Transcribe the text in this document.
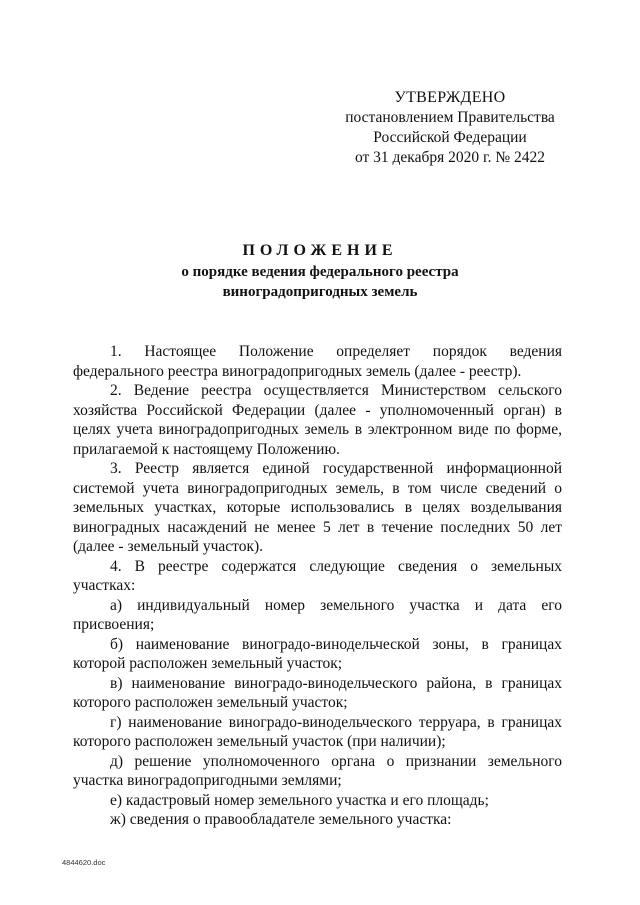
УТВЕРЖДЕНО
постановлением Правительства
Российской Федерации
от 31 декабря 2020 г. № 2422
ПОЛОЖЕНИЕ
о порядке ведения федерального реестра
виноградопригодных земель

1. Настоящее Положение определяет порядок ведения федерального реестра виноградопригодных земель (далее - реестр).

2. Ведение реестра осуществляется Министерством сельского хозяйства Российской Федерации (далее - уполномоченный орган) в целях учета виноградопригодных земель в электронном виде по форме, прилагаемой к настоящему Положению.

3. Реестр является единой государственной информационной системой учета виноградопригодных земель, в том числе сведений о земельных участках, которые использовались в целях возделывания виноградных насаждений не менее 5 лет в течение последних 50 лет (далее - земельный участок).

4. В реестре содержатся следующие сведения о земельных участках:

а) индивидуальный номер земельного участка и дата его присвоения;

б) наименование виноградо-винодельческой зоны, в границах которой расположен земельный участок;

в) наименование виноградо-винодельческого района, в границах которого расположен земельный участок;

г) наименование виноградо-винодельческого терруара, в границах которого расположен земельный участок (при наличии);

д) решение уполномоченного органа о признании земельного участка виноградопригодными землями;

е) кадастровый номер земельного участка и его площадь;

ж) сведения о правообладателе земельного участка:

4844620.doc
